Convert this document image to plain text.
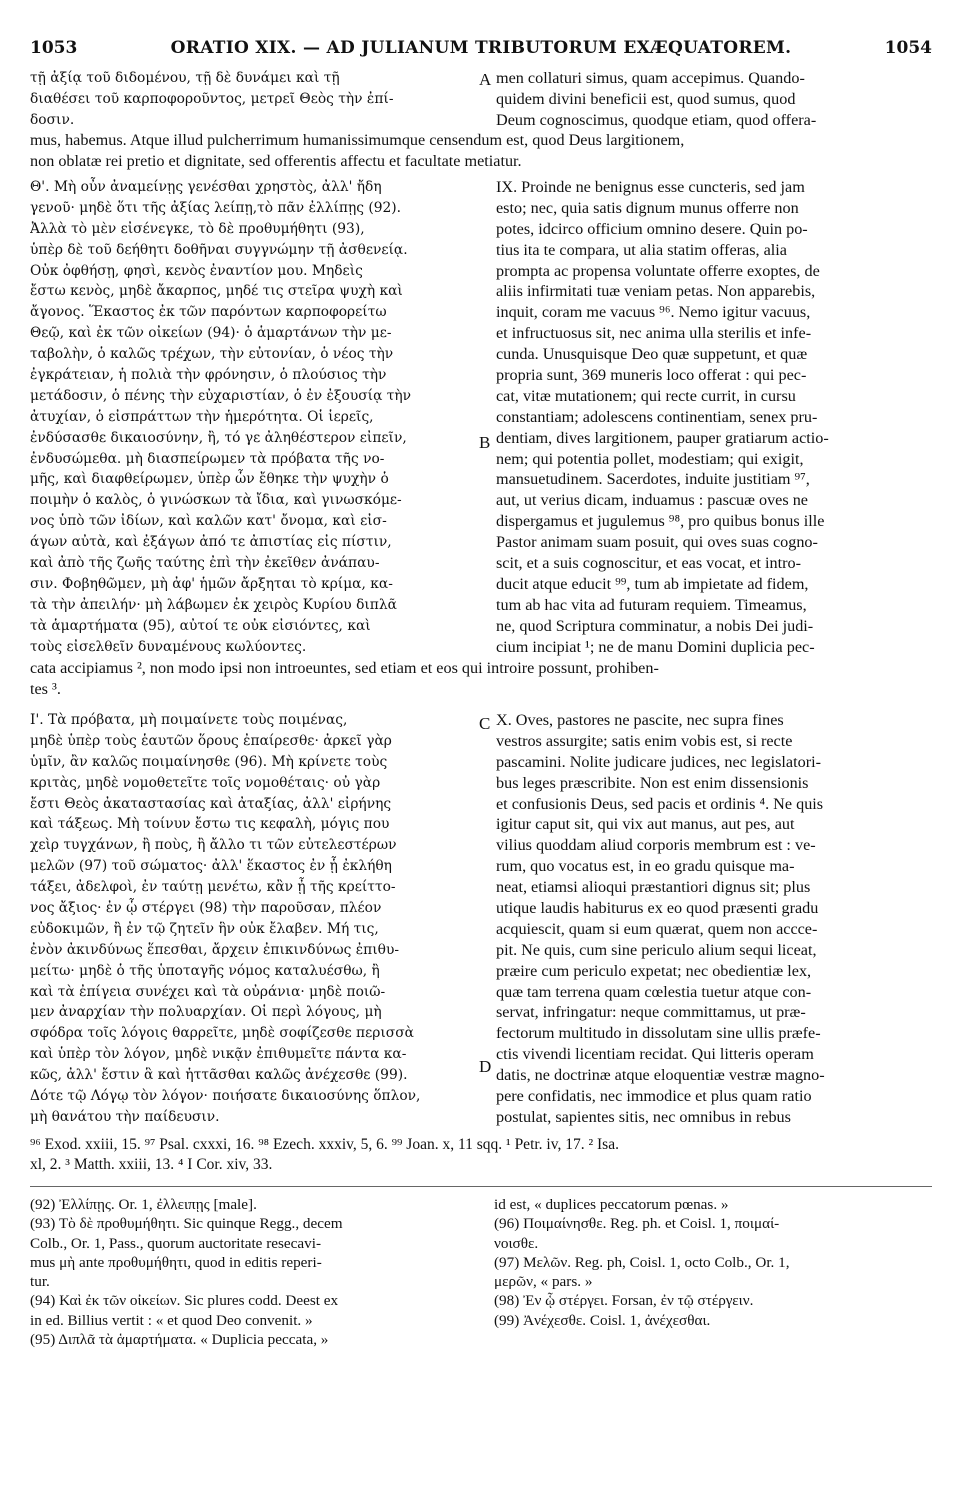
1053	ORATIO XIX. — AD JULIANUM TRIBUTORUM EXÆQUATOREM.	1054
τῇ ἀξίᾳ τοῦ διδομένου, τῇ δὲ δυνάμει καὶ τῇ
διαθέσει τοῦ καρποφοροῦντος, μετρεῖ Θεὸς τὴν ἐπί-
δοσιν.
men collaturi simus, quam accepimus. Quando-
quidem divini beneficii est, quod sumus, quod
Deum cognoscimus, quodque etiam, quod offera-
A
mus, habemus. Atque illud pulcherrimum humanissimumque censendum est, quod Deus largitionem,
non oblatæ rei pretio et dignitate, sed offerentis affectu et facultate metiatur.
Θ'. Μὴ οὖν ἀναμείνῃς γενέσθαι χρηστὸς, ἀλλ' ἤδη
γενοῦ· μηδὲ ὅτι τῆς ἀξίας λείπῃ,τὸ πᾶν ἐλλίπῃς (92).
Ἀλλὰ τὸ μὲν εἰσένεγκε, τὸ δὲ προθυμήθητι (93),
ὑπὲρ δὲ τοῦ δεήθητι δοθῆναι συγγνώμην τῇ ἀσθενείᾳ.
Οὐκ ὀφθήσῃ, φησὶ, κενὸς ἐναντίον μου. Μηδεὶς
ἔστω κενὸς, μηδὲ ἄκαρπος, μηδέ τις στεῖρα ψυχὴ καὶ
ἄγονος. Ἕκαστος ἐκ τῶν παρόντων καρποφορείτω
Θεῷ, καὶ ἐκ τῶν οἰκείων (94)· ὁ ἁμαρτάνων τὴν με-
ταβολὴν, ὁ καλῶς τρέχων, τὴν εὐτονίαν, ὁ νέος τὴν
ἐγκράτειαν, ἡ πολιὰ τὴν φρόνησιν, ὁ πλούσιος τὴν
μετάδοσιν, ὁ πένης τὴν εὐχαριστίαν, ὁ ἐν ἐξουσίᾳ τὴν
ἀτυχίαν, ὁ εἰσπράττων τὴν ἡμερότητα. Οἱ ἱερεῖς,
ἐνδύσασθε δικαιοσύνην, ἢ, τό γε ἀληθέστερον εἰπεῖν,
ἐνδυσώμεθα. μὴ διασπείρωμεν τὰ πρόβατα τῆς νο-
μῆς, καὶ διαφθείρωμεν, ὑπὲρ ὧν ἔθηκε τὴν ψυχὴν ὁ
ποιμὴν ὁ καλὸς, ὁ γινώσκων τὰ ἴδια, καὶ γινωσκόμε-
νος ὑπὸ τῶν ἰδίων, καὶ καλῶν κατ' ὄνομα, καὶ εἰσ-
άγων αὐτὰ, καὶ ἐξάγων ἀπό τε ἀπιστίας εἰς πίστιν,
καὶ ἀπὸ τῆς ζωῆς ταύτης ἐπὶ τὴν ἐκεῖθεν ἀνάπαυ-
σιν. Φοβηθῶμεν, μὴ ἀφ' ἡμῶν ἄρξηται τὸ κρίμα, κα-
τὰ τὴν ἀπειλήν· μὴ λάβωμεν ἐκ χειρὸς Κυρίου διπλᾶ
τὰ ἁμαρτήματα (95), αὐτοί τε οὐκ εἰσιόντες, καὶ
τοὺς εἰσελθεῖν δυναμένους κωλύοντες.
IX. Proinde ne benignus esse cuncteris, sed jam
esto; nec, quia satis dignum munus offerre non
potes, idcirco officium omnino desere. Quin po-
tius ita te compara, ut alia statim offeras, alia
prompta ac propensa voluntate offerre exoptes, de
aliis infirmitati tuæ veniam petas. Non apparebis,
inquit, coram me vacuus ⁹⁶. Nemo igitur vacuus,
et infructuosus sit, nec anima ulla sterilis et infe-
cunda. Unusquisque Deo quæ suppetunt, et quæ
propria sunt, 369 muneris loco offerat : qui pec-
cat, vitæ mutationem; qui recte currit, in cursu
constantiam; adolescens continentiam, senex pru-
dentiam, dives largitionem, pauper gratiarum actio-
nem; qui potentia pollet, modestiam; qui exigit,
mansuetudinem. Sacerdotes, induite justitiam ⁹⁷,
aut, ut verius dicam, induamus : pascuæ oves ne
dispergamus et jugulemus ⁹⁸, pro quibus bonus ille
Pastor animam suam posuit, qui oves suas cogno-
scit, et a suis cognoscitur, et eas vocat, et intro-
ducit atque educit ⁹⁹, tum ab impietate ad fidem,
tum ab hac vita ad futuram requiem. Timeamus,
ne, quod Scriptura comminatur, a nobis Dei judi-
cium incipiat ¹; ne de manu Domini duplicia pec-
B
cata accipiamus ², non modo ipsi non introeuntes, sed etiam et eos qui introire possunt, prohiben-
tes ³.
Ι'. Τὰ πρόβατα, μὴ ποιμαίνετε τοὺς ποιμένας,
μηδὲ ὑπὲρ τοὺς ἑαυτῶν ὅρους ἐπαίρεσθε· ἀρκεῖ γὰρ
ὑμῖν, ἂν καλῶς ποιμαίνησθε (96). Μὴ κρίνετε τοὺς
κριτὰς, μηδὲ νομοθετεῖτε τοῖς νομοθέταις· οὐ γὰρ
ἔστι Θεὸς ἀκαταστασίας καὶ ἀταξίας, ἀλλ' εἰρήνης
καὶ τάξεως. Μὴ τοίνυν ἔστω τις κεφαλὴ, μόγις που
χεὶρ τυγχάνων, ἢ ποὺς, ἢ ἄλλο τι τῶν εὐτελεστέρων
μελῶν (97) τοῦ σώματος· ἀλλ' ἕκαστος ἐν ᾗ ἐκλήθη
τάξει, ἀδελφοὶ, ἐν ταύτῃ μενέτω, κἂν ᾖ τῆς κρείττο-
νος ἄξιος· ἐν ᾧ στέργει (98) τὴν παροῦσαν, πλέον
εὐδοκιμῶν, ἢ ἐν τῷ ζητεῖν ἣν οὐκ ἔλαβεν. Μή τις,
ἐνὸν ἀκινδύνως ἕπεσθαι, ἄρχειν ἐπικινδύνως ἐπιθυ-
μείτω· μηδὲ ὁ τῆς ὑποταγῆς νόμος καταλυέσθω, ἢ
καὶ τὰ ἐπίγεια συνέχει καὶ τὰ οὐράνια· μηδὲ ποιῶ-
μεν ἀναρχίαν τὴν πολυαρχίαν. Οἱ περὶ λόγους, μὴ
σφόδρα τοῖς λόγοις θαρρεῖτε, μηδὲ σοφίζεσθε περισσὰ
καὶ ὑπὲρ τὸν λόγον, μηδὲ νικᾷν ἐπιθυμεῖτε πάντα κα-
κῶς, ἀλλ' ἔστιν ἃ καὶ ἡττᾶσθαι καλῶς ἀνέχεσθε (99).
Δότε τῷ Λόγῳ τὸν λόγον· ποιήσατε δικαιοσύνης ὅπλον,
μὴ θανάτου τὴν παίδευσιν.
X. Oves, pastores ne pascite, nec supra fines
vestros assurgite; satis enim vobis est, si recte
pascamini. Nolite judicare judices, nec legislatori-
bus leges præscribite. Non est enim dissensionis
et confusionis Deus, sed pacis et ordinis ⁴. Ne quis
igitur caput sit, qui vix aut manus, aut pes, aut
vilius quoddam aliud corporis membrum est : ve-
rum, quo vocatus est, in eo gradu quisque ma-
neat, etiamsi alioqui præstantiori dignus sit; plus
utique laudis habiturus ex eo quod præsenti gradu
acquiescit, quam si eum quærat, quem non accce-
pit. Ne quis, cum sine periculo alium sequi liceat,
præire cum periculo expetat; nec obedientiæ lex,
quæ tam terrena quam cœlestia tuetur atque con-
servat, infringatur: neque committamus, ut præ-
fectorum multitudo in dissolutam sine ullis præfe-
ctis vivendi licentiam recidat. Qui litteris operam
datis, ne doctrinæ atque eloquentiæ vestræ magno-
pere confidatis, nec immodice et plus quam ratio
postulat, sapientes sitis, nec omnibus in rebus
C
D
⁹⁶ Exod. xxiii, 15. ⁹⁷ Psal. cxxxi, 16. ⁹⁸ Ezech. xxxiv, 5, 6. ⁹⁹ Joan. x, 11 sqq. ¹ Petr. iv, 17. ² Isa.
xl, 2. ³ Matth. xxiii, 13. ⁴ I Cor. xiv, 33.
(92) Ἐλλίπῃς. Or. 1, ἐλλειπῃς [male].
(93) Τὸ δὲ προθυμήθητι. Sic quinque Regg., decem
Colb., Or. 1, Pass., quorum auctoritate resecavi-
mus μὴ ante προθυμήθητι, quod in editis reperi-
tur.
(94) Καὶ ἐκ τῶν οἰκείων. Sic plures codd. Deest ex
in ed. Billius vertit : « et quod Deo convenit. »
(95) Διπλᾶ τὰ ἁμαρτήματα. « Duplicia peccata, »
id est, « duplices peccatorum pœnas. »
(96) Ποιμαίνησθε. Reg. ph. et Coisl. 1, ποιμαί-
νοισθε.
(97) Μελῶν. Reg. ph, Coisl. 1, octo Colb., Or. 1,
μερῶν, « pars. »
(98) Ἐν ᾧ στέργει. Forsan, ἐν τῷ στέργειν.
(99) Ἀνέχεσθε. Coisl. 1, ἀνέχεσθαι.
